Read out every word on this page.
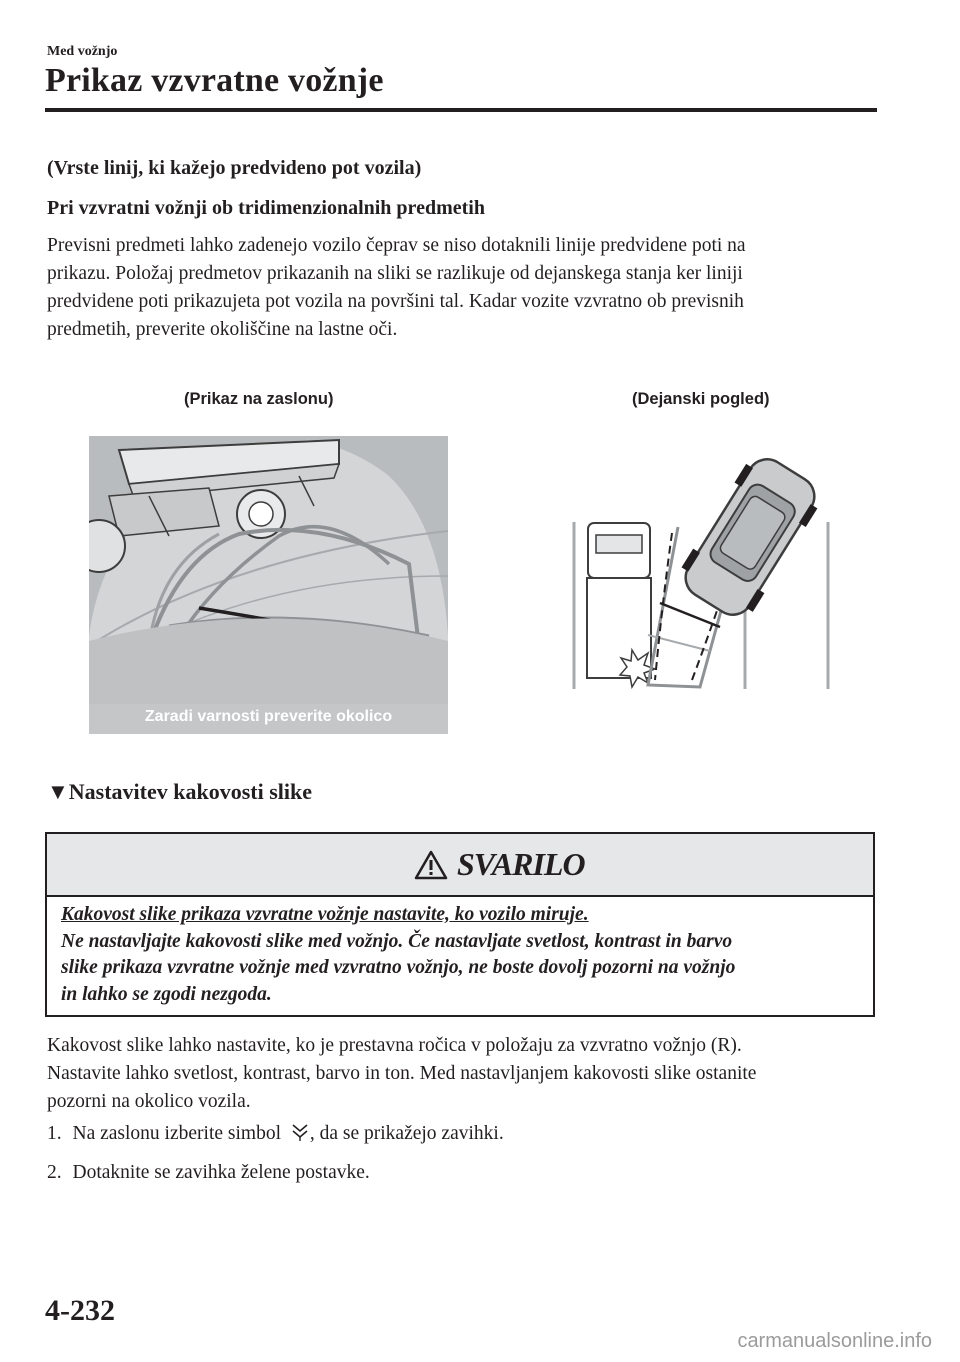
Med vožnjo
Prikaz vzvratne vožnje
(Vrste linij, ki kažejo predvideno pot vozila)
Pri vzvratni vožnji ob tridimenzionalnih predmetih
Previsni predmeti lahko zadenejo vozilo čeprav se niso dotaknili linije predvidene poti na
prikazu. Položaj predmetov prikazanih na sliki se razlikuje od dejanskega stanja ker liniji
predvidene poti prikazujeta pot vozila na površini tal. Kadar vozite vzvratno ob previsnih
predmetih, preverite okoliščine na lastne oči.
(Prikaz na zaslonu)	(Dejanski pogled)
Zaradi varnosti preverite okolico
▼Nastavitev kakovosti slike
SVARILO
Kakovost slike prikaza vzvratne vožnje nastavite, ko vozilo miruje.
Ne nastavljajte kakovosti slike med vožnjo. Če nastavljate svetlost, kontrast in barvo
slike prikaza vzvratne vožnje med vzvratno vožnjo, ne boste dovolj pozorni na vožnjo
in lahko se zgodi nezgoda.
Kakovost slike lahko nastavite, ko je prestavna ročica v položaju za vzvratno vožnjo (R).
Nastavite lahko svetlost, kontrast, barvo in ton. Med nastavljanjem kakovosti slike ostanite
pozorni na okolico vozila.
1. Na zaslonu izberite simbol , da se prikažejo zavihki.
2. Dotaknite se zavihka želene postavke.
4-232
carmanualsonline.info
